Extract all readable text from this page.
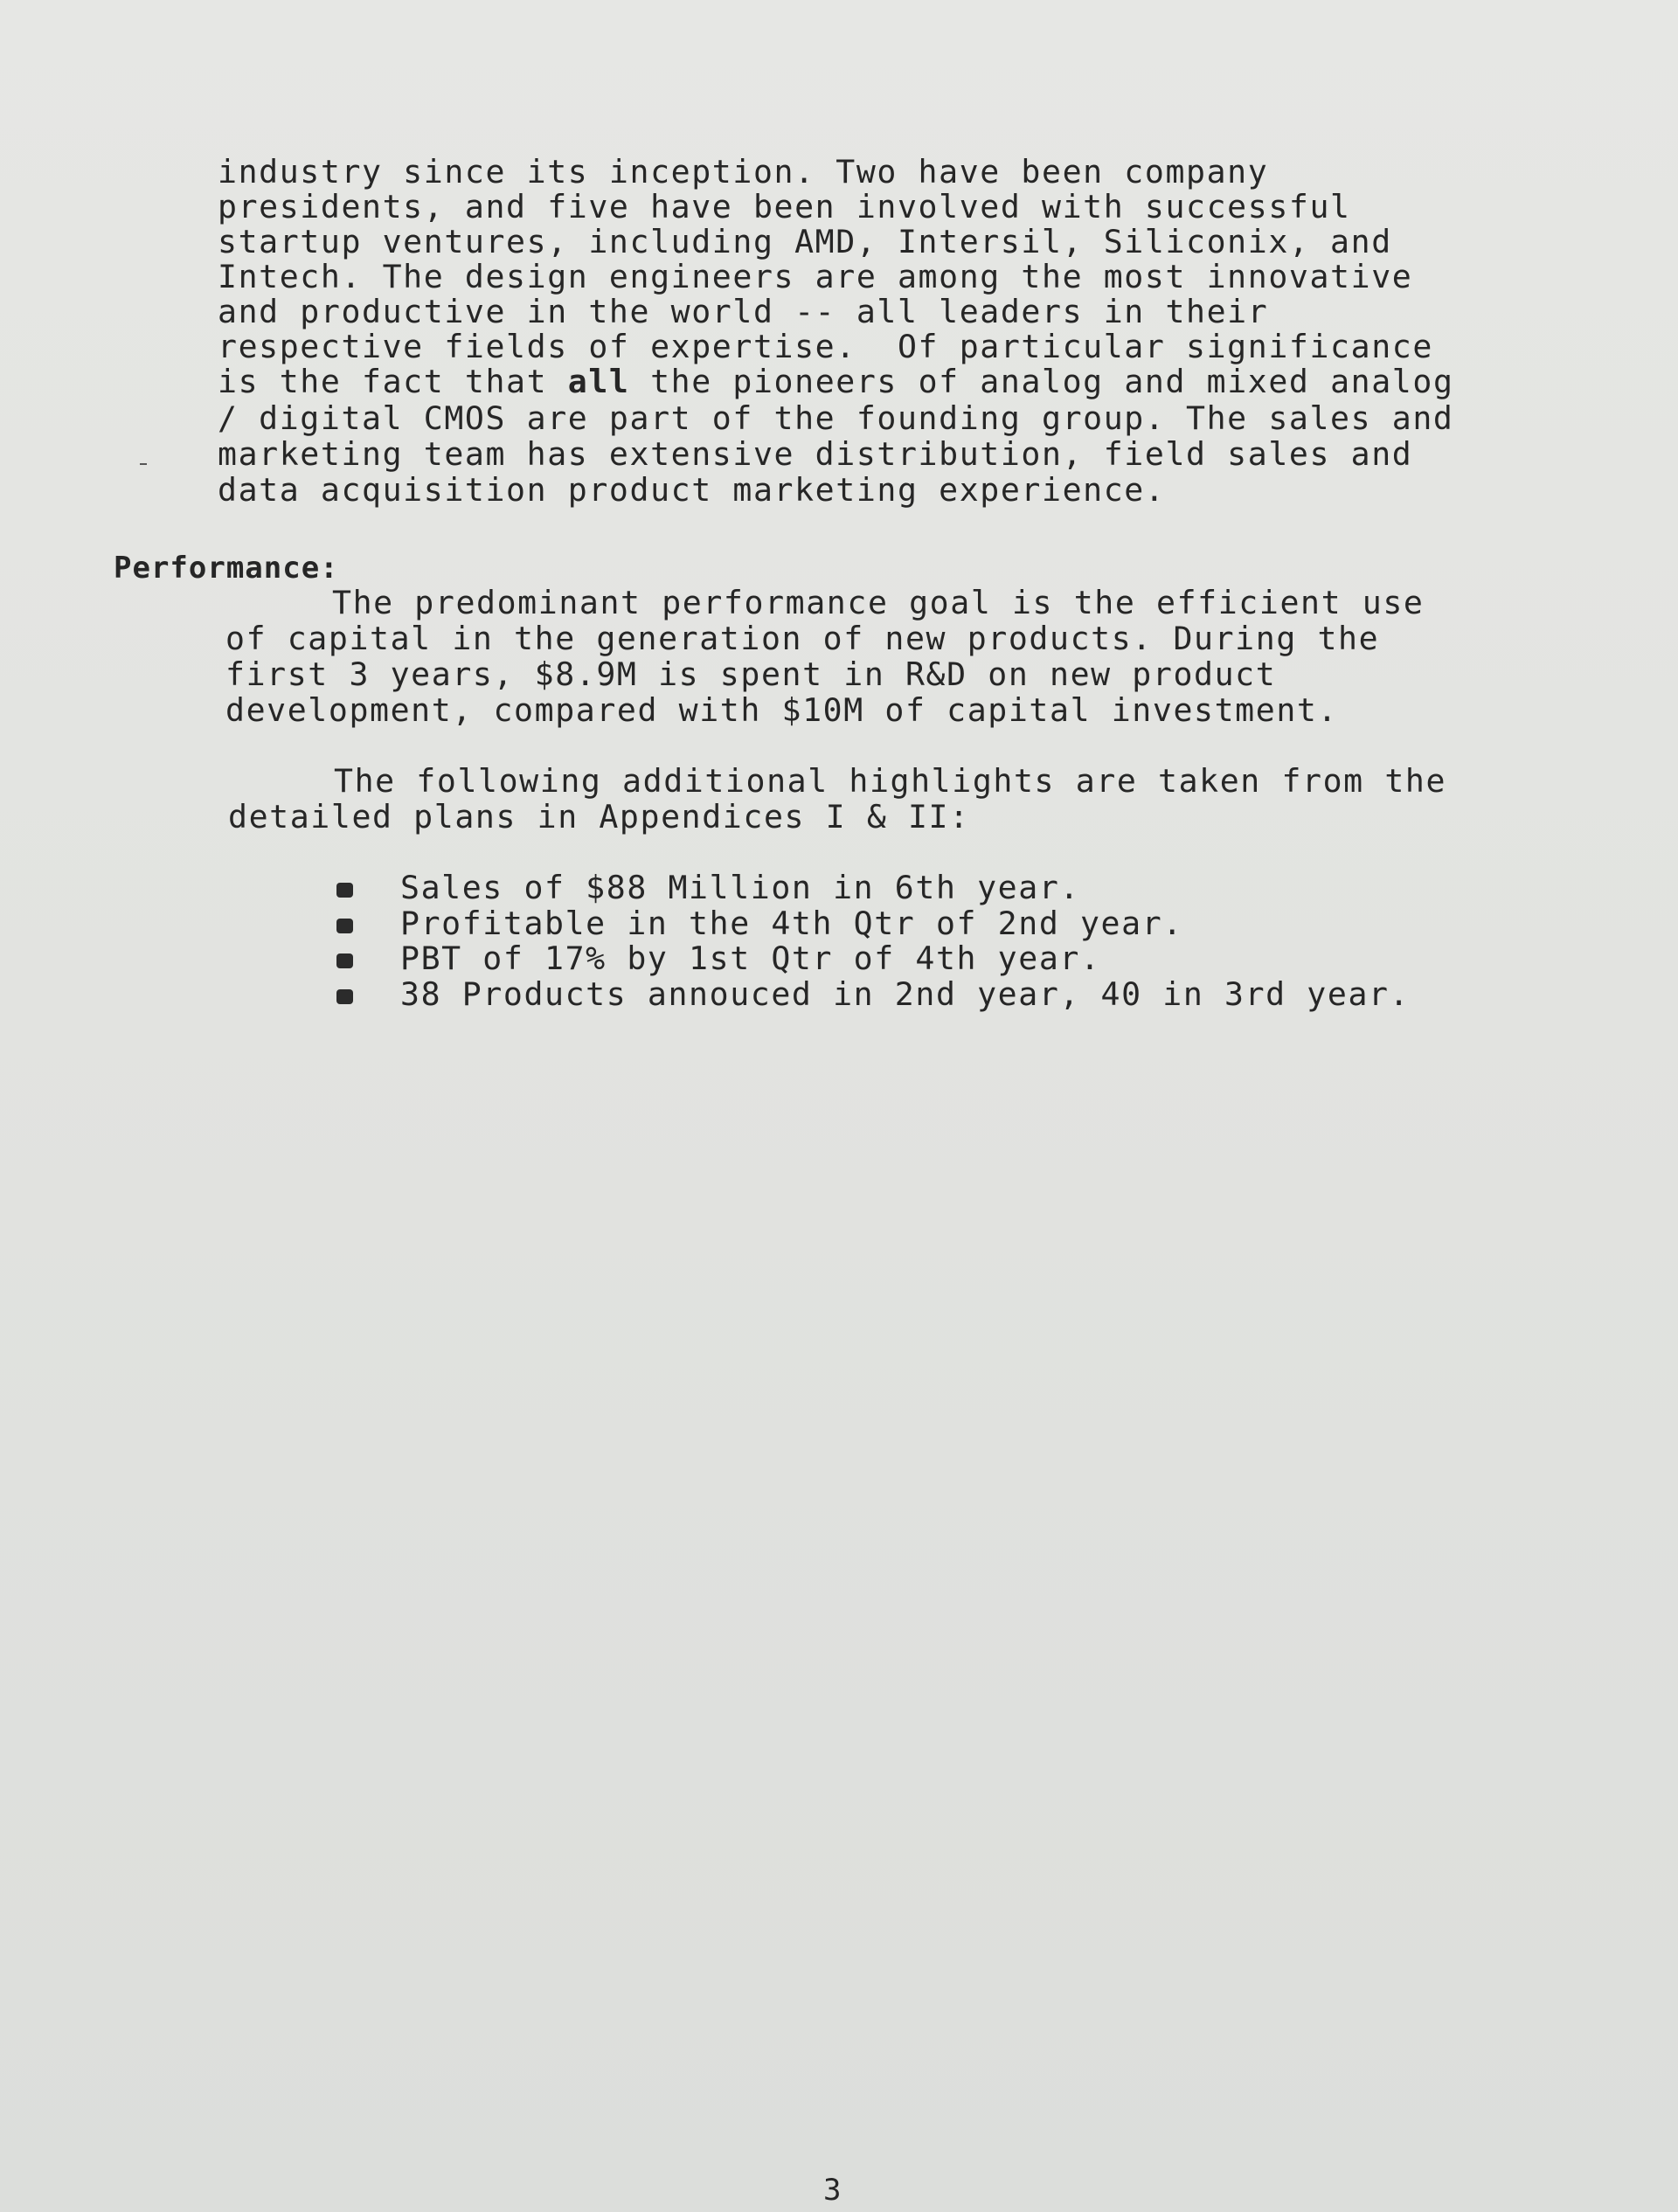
industry since its inception. Two have been company
presidents, and five have been involved with successful
startup ventures, including AMD, Intersil, Siliconix, and
Intech. The design engineers are among the most innovative
and productive in the world -- all leaders in their
respective fields of expertise.  Of particular significance
is the fact that all the pioneers of analog and mixed analog
/ digital CMOS are part of the founding group. The sales and
marketing team has extensive distribution, field sales and
data acquisition product marketing experience.
Performance:
The predominant performance goal is the efficient use
of capital in the generation of new products. During the
first 3 years, $8.9M is spent in R&D on new product
development, compared with $10M of capital investment.
The following additional highlights are taken from the
detailed plans in Appendices I & II:
Sales of $88 Million in 6th year.
Profitable in the 4th Qtr of 2nd year.
PBT of 17% by 1st Qtr of 4th year.
38 Products annouced in 2nd year, 40 in 3rd year.
3
